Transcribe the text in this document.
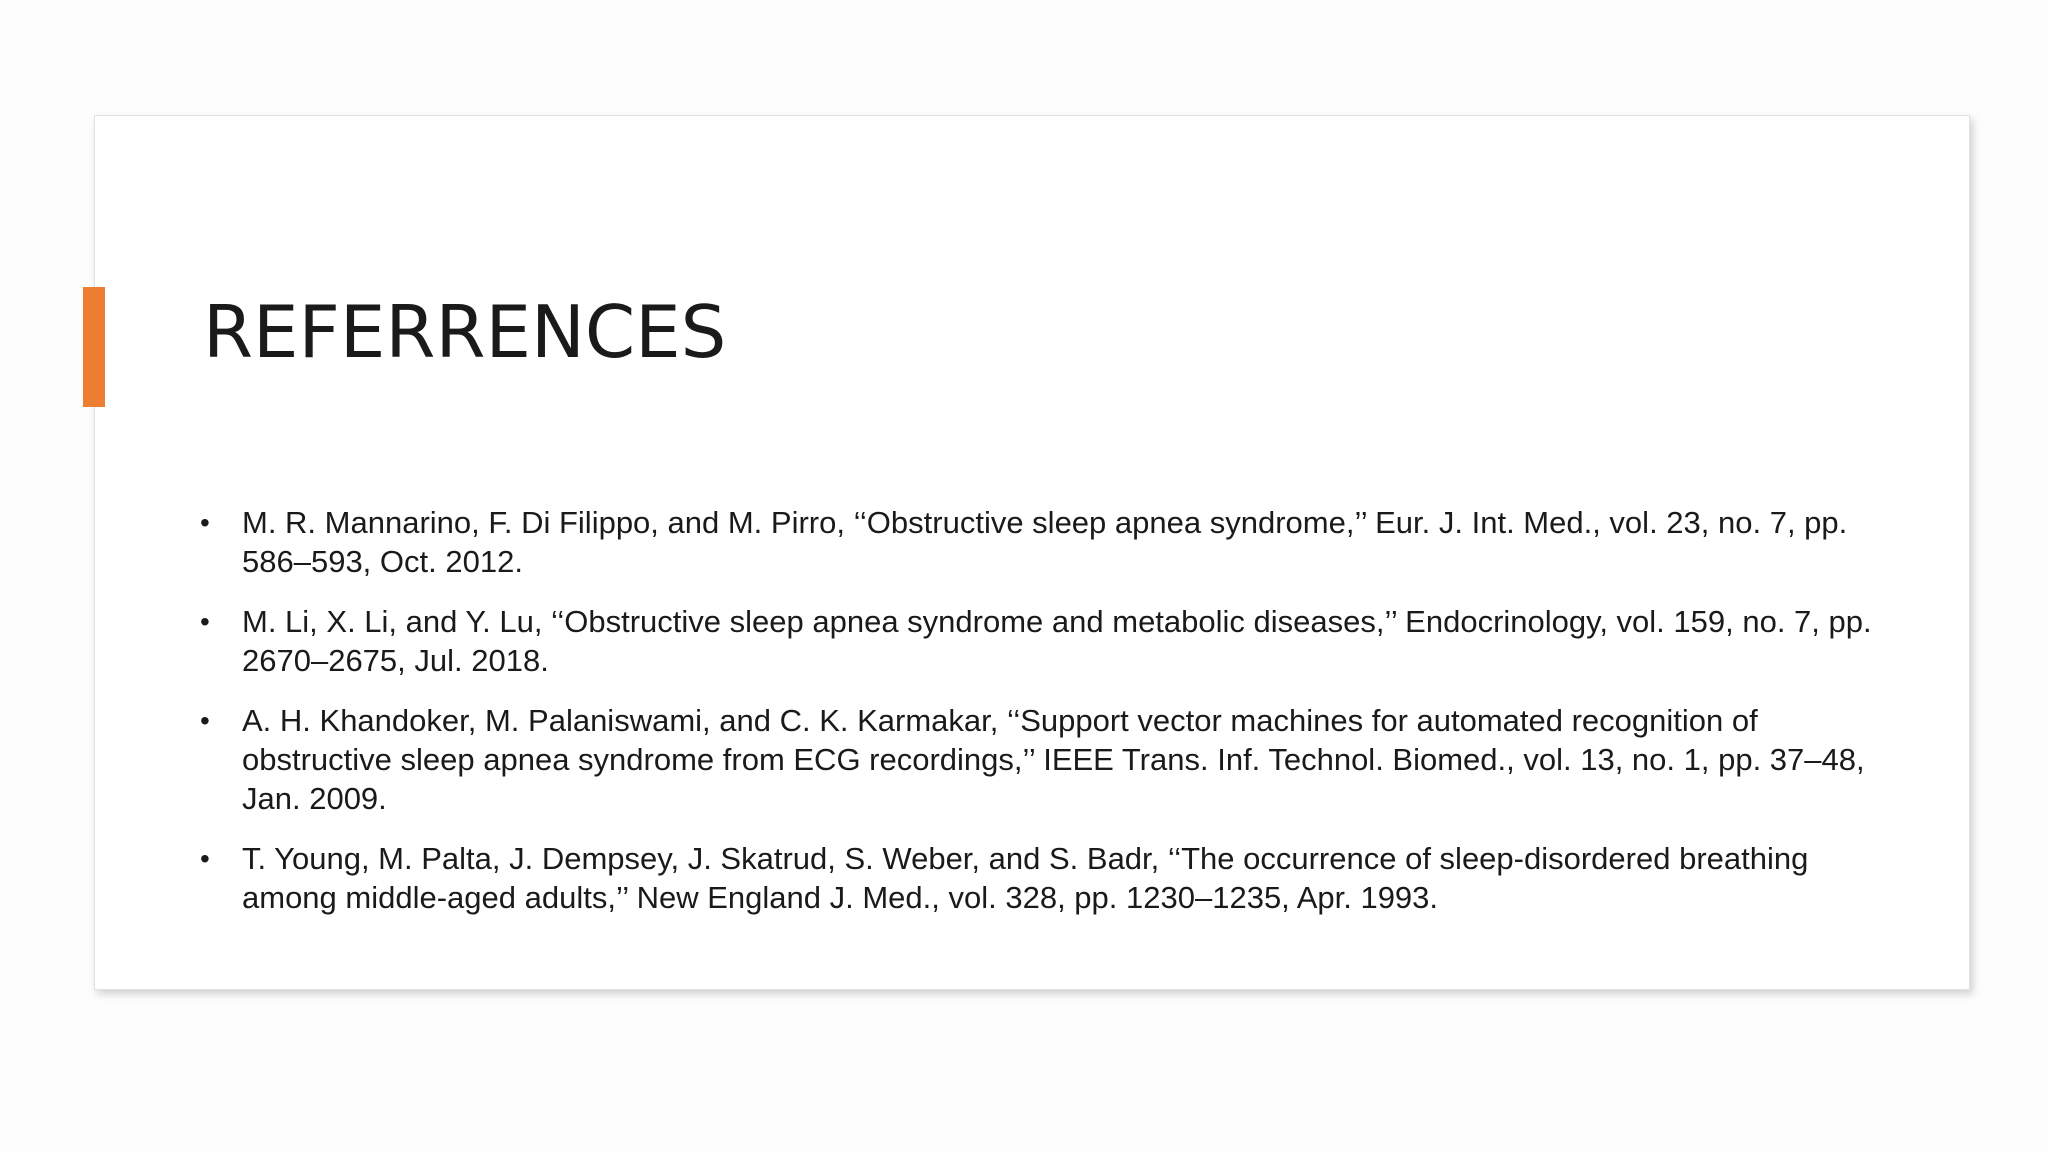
REFERRENCES
•	M. R. Mannarino, F. Di Filippo, and M. Pirro, ‘‘Obstructive sleep apnea syndrome,’’ Eur. J. Int. Med., vol. 23, no. 7, pp. 586–593, Oct. 2012.
•	M. Li, X. Li, and Y. Lu, ‘‘Obstructive sleep apnea syndrome and metabolic diseases,’’ Endocrinology, vol. 159, no. 7, pp. 2670–2675, Jul. 2018.
•	A. H. Khandoker, M. Palaniswami, and C. K. Karmakar, ‘‘Support vector machines for automated recognition of obstructive sleep apnea syndrome from ECG recordings,’’ IEEE Trans. Inf. Technol. Biomed., vol. 13, no. 1, pp. 37–48, Jan. 2009.
•	T. Young, M. Palta, J. Dempsey, J. Skatrud, S. Weber, and S. Badr, ‘‘The occurrence of sleep-disordered breathing among middle-aged adults,’’ New England J. Med., vol. 328, pp. 1230–1235, Apr. 1993.
